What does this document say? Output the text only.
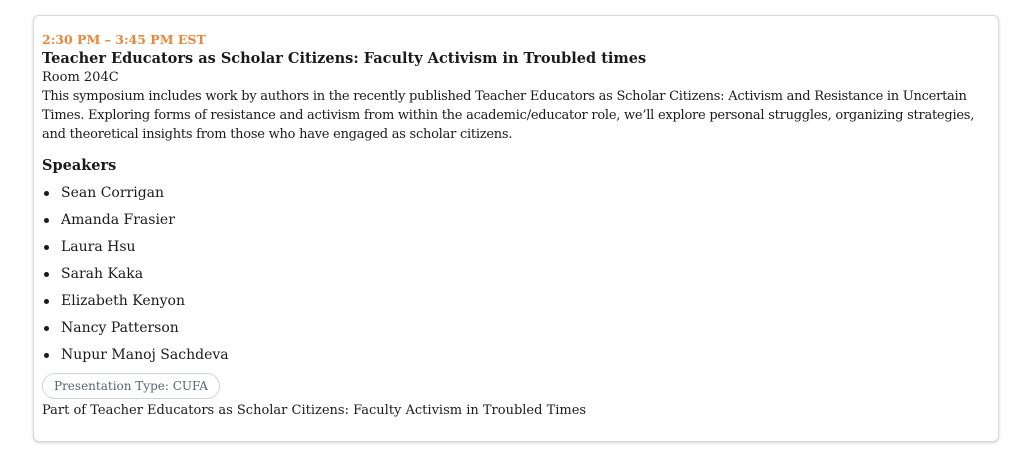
2:30 PM – 3:45 PM EST
Teacher Educators as Scholar Citizens: Faculty Activism in Troubled times
Room 204C
This symposium includes work by authors in the recently published Teacher Educators as Scholar Citizens: Activism and Resistance in Uncertain Times. Exploring forms of resistance and activism from within the academic/educator role, we’ll explore personal struggles, organizing strategies, and theoretical insights from those who have engaged as scholar citizens.
Speakers
Sean Corrigan
Amanda Frasier
Laura Hsu
Sarah Kaka
Elizabeth Kenyon
Nancy Patterson
Nupur Manoj Sachdeva
Presentation Type: CUFA
Part of Teacher Educators as Scholar Citizens: Faculty Activism in Troubled Times
